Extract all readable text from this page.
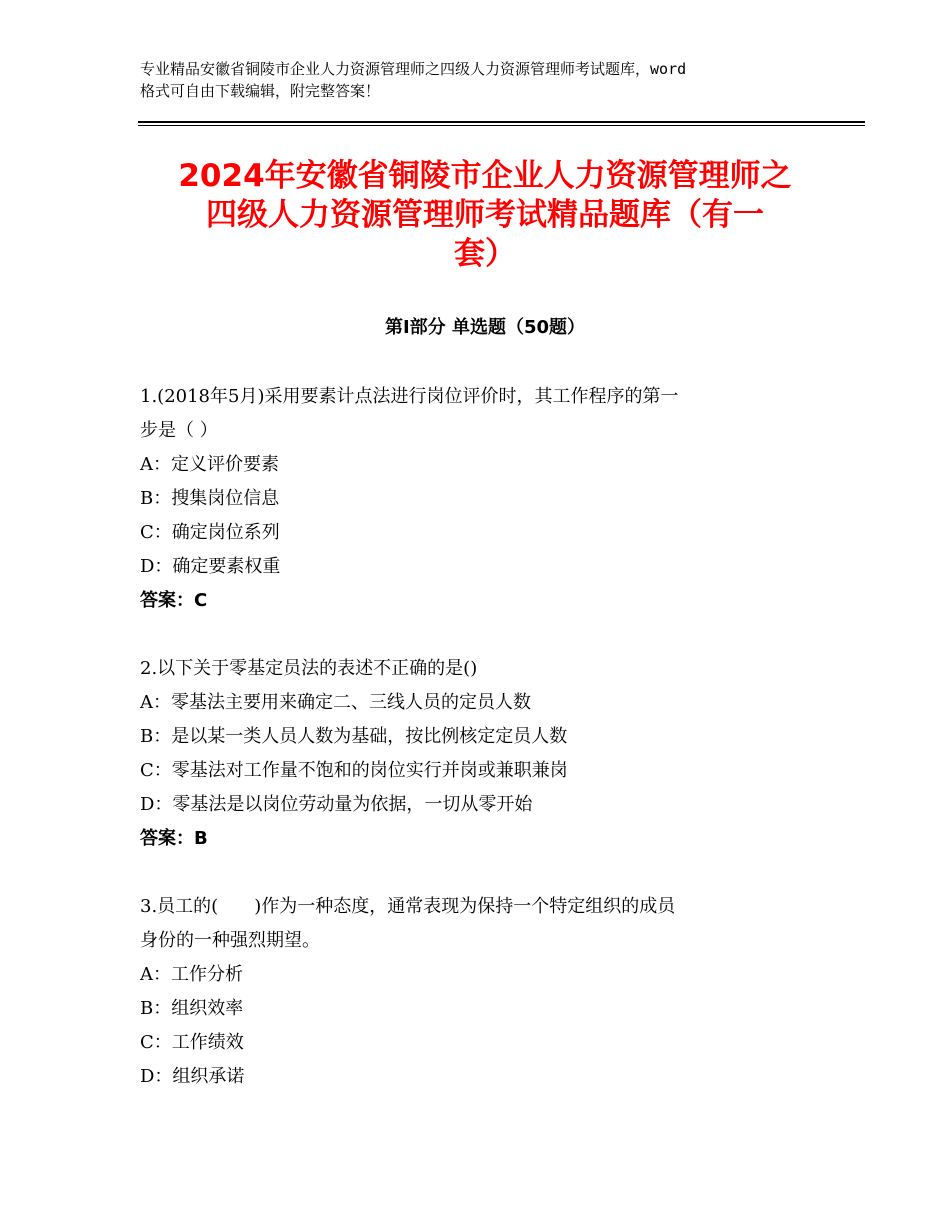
专业精品安徽省铜陵市企业人力资源管理师之四级人力资源管理师考试题库，word
格式可自由下载编辑，附完整答案！
2024年安徽省铜陵市企业人力资源管理师之
四级人力资源管理师考试精品题库（有一
套）
第Ⅰ部分 单选题（50题）
1.(2018年5月)采用要素计点法进行岗位评价时，其工作程序的第一
步是（ ）
A：定义评价要素
B：搜集岗位信息
C：确定岗位系列
D：确定要素权重
答案：C
2.以下关于零基定员法的表述不正确的是()
A：零基法主要用来确定二、三线人员的定员人数
B：是以某一类人员人数为基础，按比例核定定员人数
C：零基法对工作量不饱和的岗位实行并岗或兼职兼岗
D：零基法是以岗位劳动量为依据，一切从零开始
答案：B
3.员工的(　　)作为一种态度，通常表现为保持一个特定组织的成员
身份的一种强烈期望。
A：工作分析
B：组织效率
C：工作绩效
D：组织承诺
